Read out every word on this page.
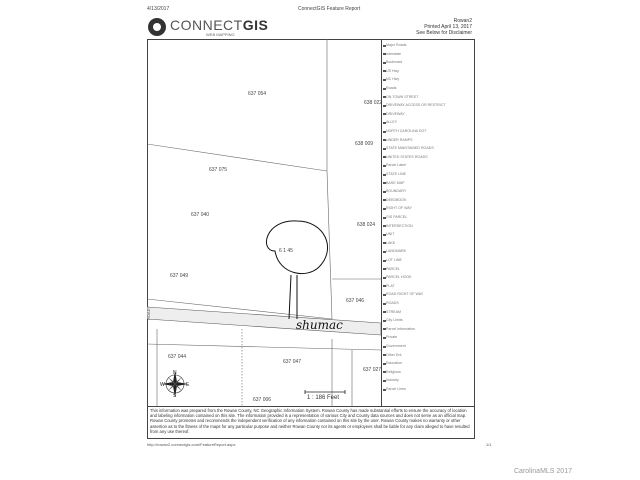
4/13/2017	ConnectGIS Feature Report
CONNECTGIS
WEB MAPPING
Rowan2
Printed April 13, 2017
See Below for Disclaimer
637 054
638 022
638 009
637 075
637 040
638 024
637 049
637 046
637 044
637 047
637 027
637 006
6 1 45
shumac
ROAD
N
S
E
W
1 : 186 Feet
Major Roads
Interstate
Boulevard
US Hwy
NC Hwy
Roads
ON TOWN STREET
DRIVEWAY ACCESS OR RESTRICT
DRIVEWAY
ALLEY
NORTH CAROLINA DOT
UNDER RAMPS
STATE MAINTAINED ROADS
UNITED STATES ROADS
Parcel Label
STATE LINE
BASE MAP
BOUNDARY
DEEDBOOK
RIGHT OF WAY
GIS PARCEL
INTERSECTION
UNIT
LAKE
LANDMARK
LOT LINE
PARCEL
PARCEL HOOK
PLAT
ROAD RIGHT OF WAY
ROADS
STREAM
City Limits
Parcel Information
Private
Government
Other Ent.
Education
Religious
Industry
Parcel Lines
This information was prepared from the Rowan County, NC Geographic Information System. Rowan County has made substantial efforts to ensure the accuracy of location and labeling information contained on this site. The information provided is a representation of various City and County data sources and does not serve as an official map. Rowan County promotes and recommends the independent verification of any information contained on this site by the user. Rowan County makes no warranty or other assertion as to the fitness of the maps for any particular purpose and neither Rowan County nor its agents or employees shall be liable for any claim alleged to have resulted from any use thereof.
http://rowan2.connectgis.com/FeatureReport.aspx	1/1
CarolinaMLS 2017
